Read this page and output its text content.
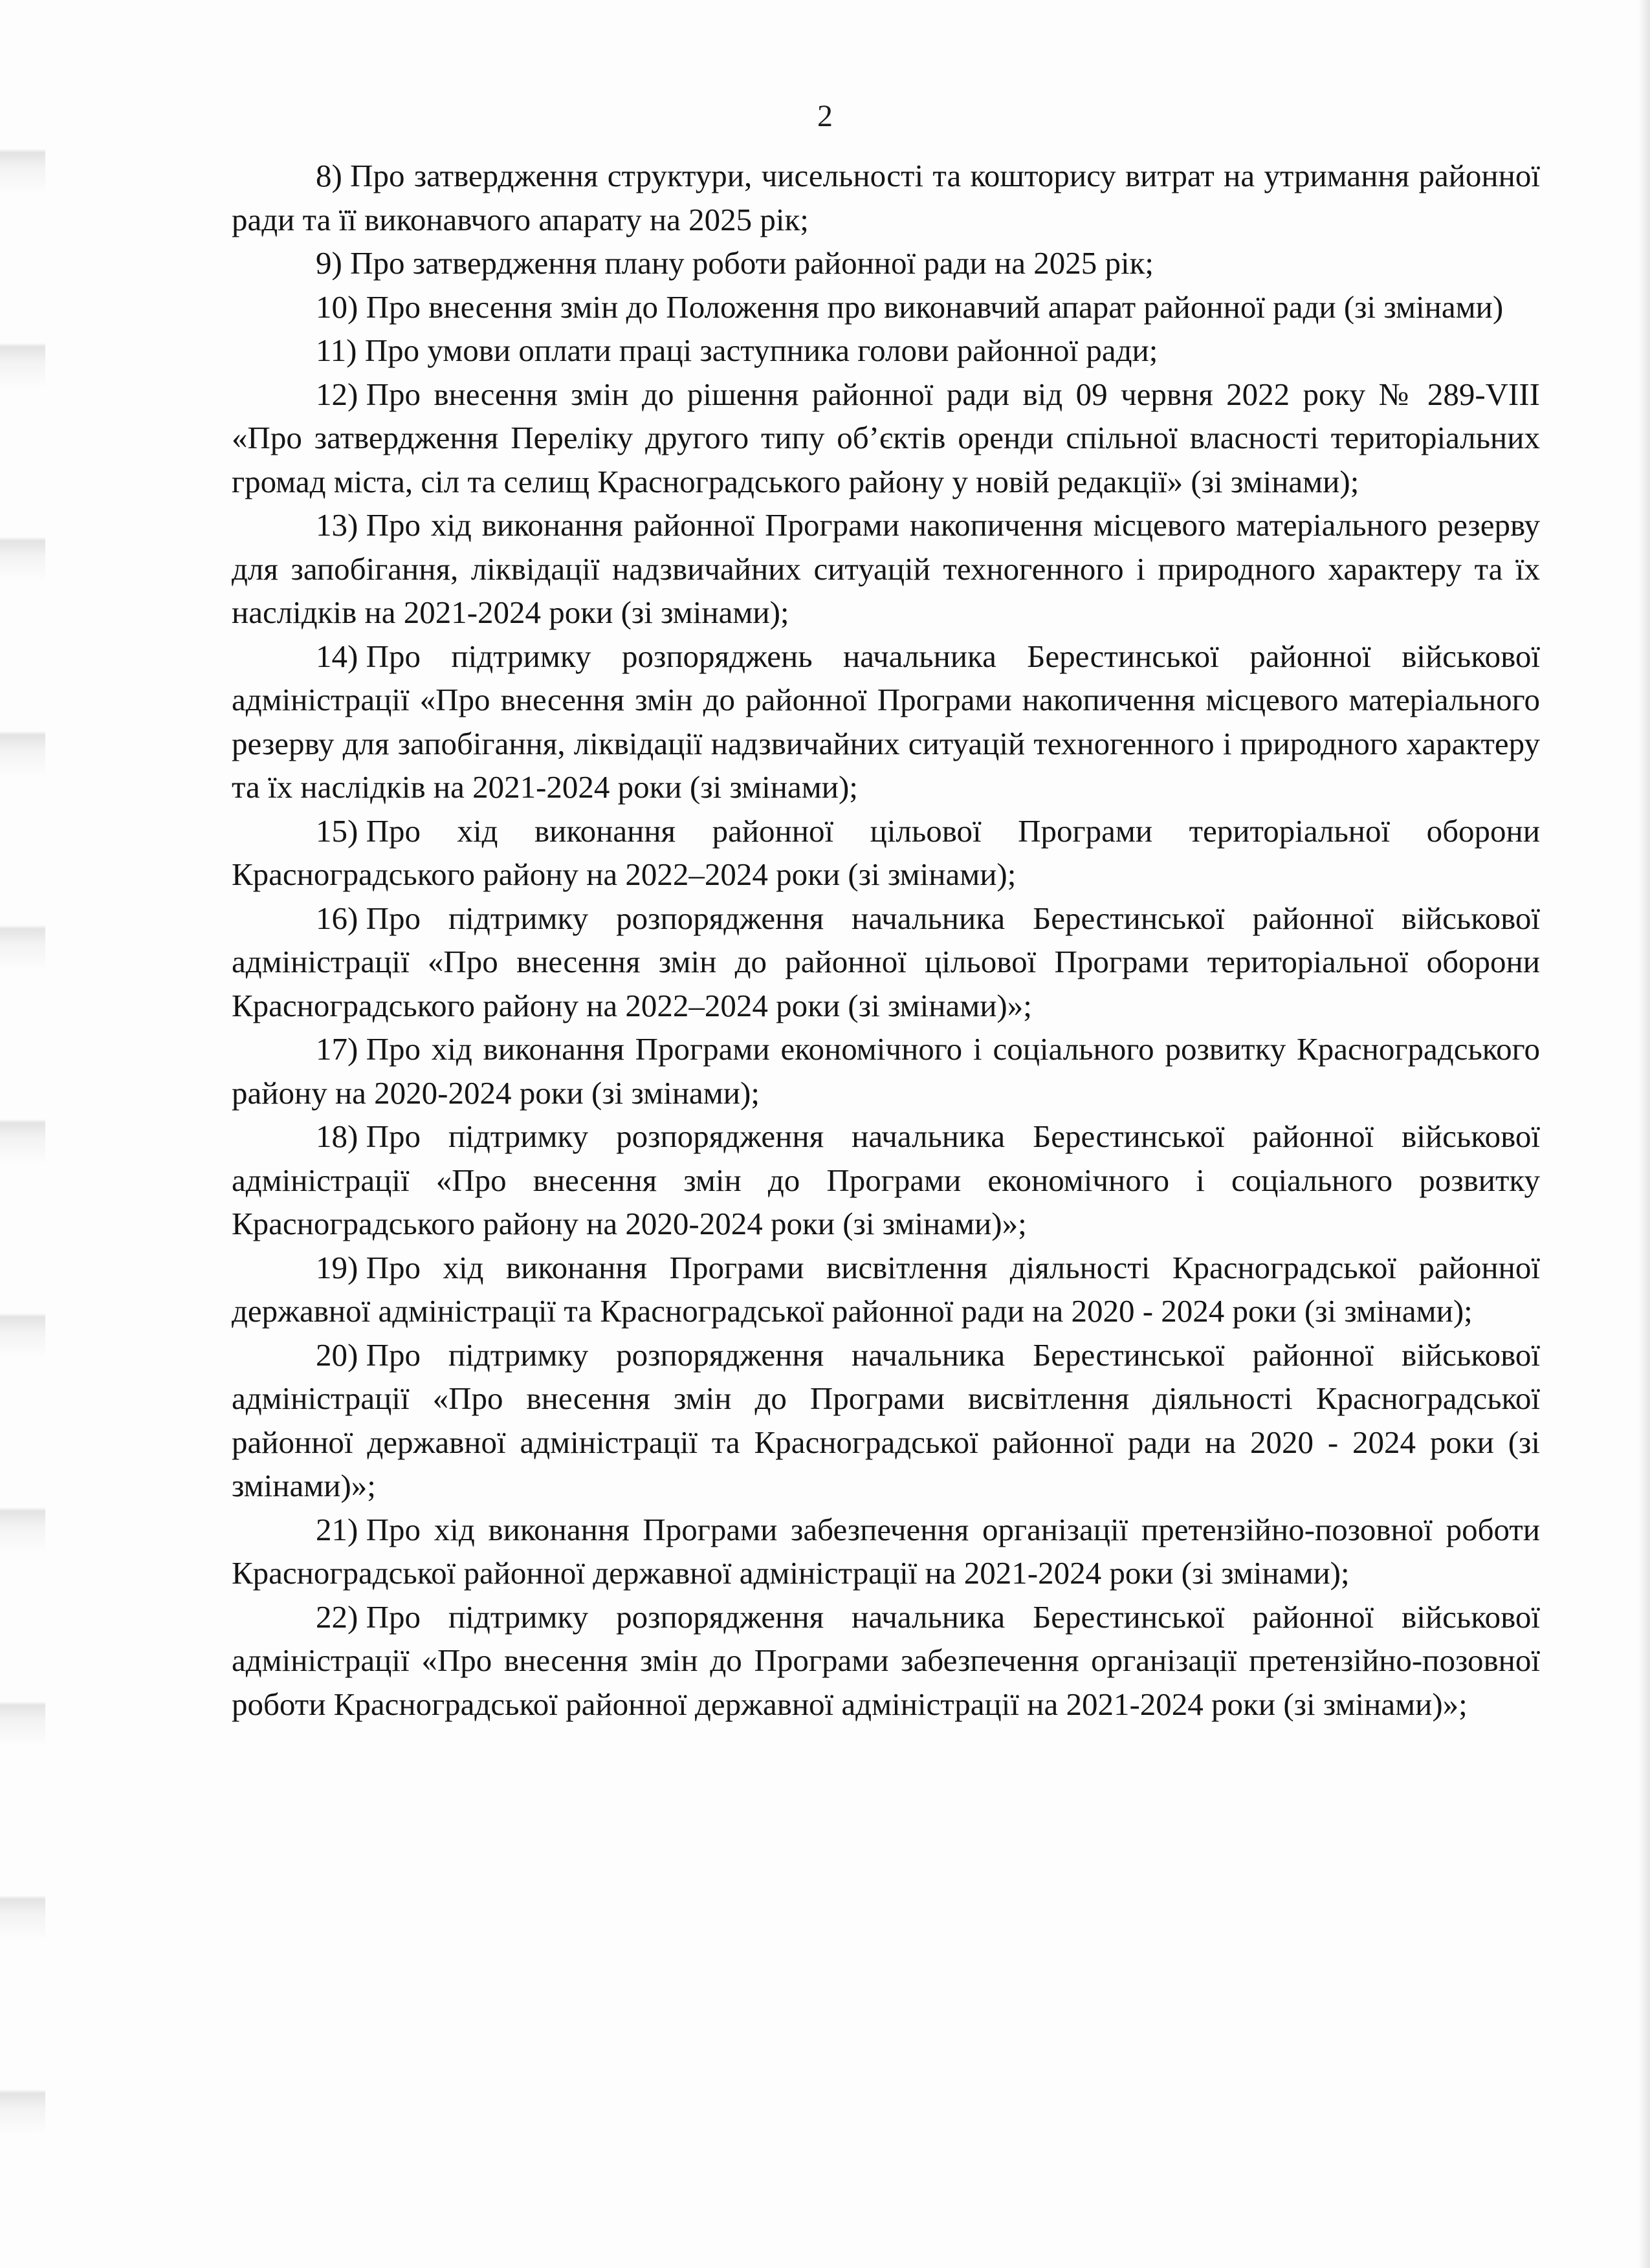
2

8) Про затвердження структури, чисельності та кошторису витрат на утримання районної ради та її виконавчого апарату на 2025 рік;

9) Про затвердження плану роботи районної ради на 2025 рік;

10) Про внесення змін до Положення про виконавчий апарат районної ради (зі змінами)

11) Про умови оплати праці заступника голови районної ради;

12) Про внесення змін до рішення районної ради від 09 червня 2022 року № 289-VIII «Про затвердження Переліку другого типу об’єктів оренди спільної власності територіальних громад міста, сіл та селищ Красноградського району у новій редакції» (зі змінами);

13) Про хід виконання районної Програми накопичення місцевого матеріального резерву для запобігання, ліквідації надзвичайних ситуацій техногенного і природного характеру та їх наслідків на 2021-2024 роки (зі змінами);

14) Про підтримку розпоряджень начальника Берестинської районної військової адміністрації «Про внесення змін до районної Програми накопичення місцевого матеріального резерву для запобігання, ліквідації надзвичайних ситуацій техногенного і природного характеру та їх наслідків на 2021-2024 роки (зі змінами);

15) Про хід виконання районної цільової Програми територіальної оборони Красноградського району на 2022–2024 роки (зі змінами);

16) Про підтримку розпорядження начальника Берестинської районної військової адміністрації «Про внесення змін до районної цільової Програми територіальної оборони Красноградського району на 2022–2024 роки (зі змінами)»;

17) Про хід виконання Програми економічного і соціального розвитку Красноградського району на 2020-2024 роки (зі змінами);

18) Про підтримку розпорядження начальника Берестинської районної військової адміністрації «Про внесення змін до Програми економічного і соціального розвитку Красноградського району на 2020-2024 роки (зі змінами)»;

19) Про хід виконання Програми висвітлення діяльності Красноградської районної державної адміністрації та Красноградської районної ради на 2020 - 2024 роки (зі змінами);

20) Про підтримку розпорядження начальника Берестинської районної військової адміністрації «Про внесення змін до Програми висвітлення діяльності Красноградської районної державної адміністрації та Красноградської районної ради на 2020 - 2024 роки (зі змінами)»;

21) Про хід виконання Програми забезпечення організації претензійно-позовної роботи Красноградської районної державної адміністрації на 2021-2024 роки (зі змінами);

22) Про підтримку розпорядження начальника Берестинської районної військової адміністрації «Про внесення змін до Програми забезпечення організації претензійно-позовної роботи Красноградської районної державної адміністрації на 2021-2024 роки (зі змінами)»;
